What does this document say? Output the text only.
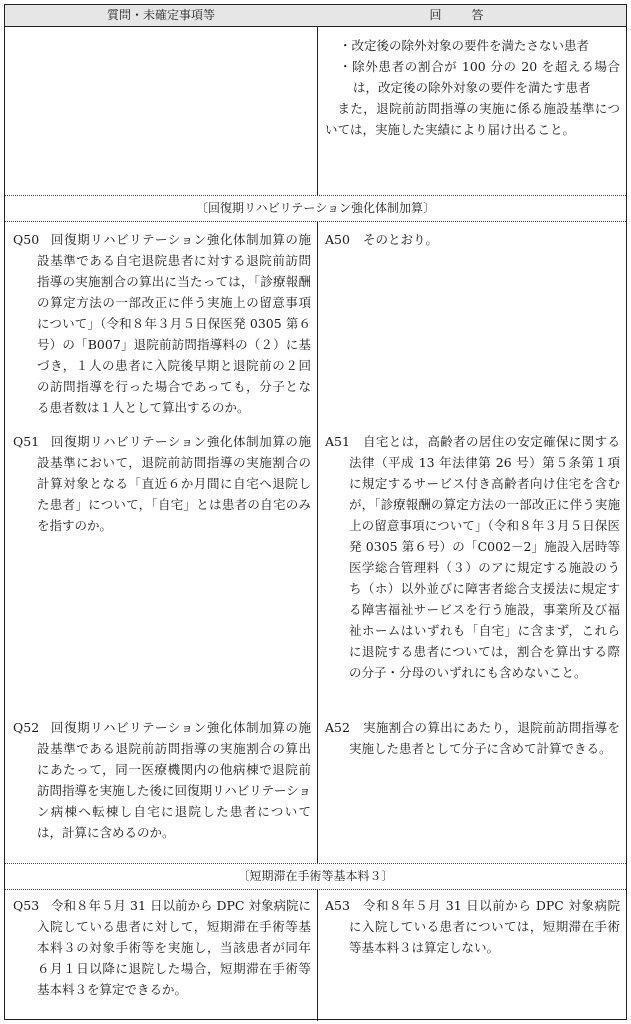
質問・未確定事項等	回答
・改定後の除外対象の要件を満たさない患者
・除外患者の割合が 100 分の 20 を超える場合は，改定後の除外対象の要件を満たす患者
また，退院前訪問指導の実施に係る施設基準については，実施した実績により届け出ること。
〔回復期リハビリテーション強化体制加算〕
Q50 回復期リハビリテーション強化体制加算の施設基準である自宅退院患者に対する退院前訪問指導の実施割合の算出に当たっては，「診療報酬の算定方法の一部改正に伴う実施上の留意事項について」（令和８年３月５日保医発 0305 第６号）の「B007」退院前訪問指導料の（２）に基づき，１人の患者に入院後早期と退院前の２回の訪問指導を行った場合であっても，分子となる患者数は１人として算出するのか。
A50	そのとおり。
Q51 回復期リハビリテーション強化体制加算の施設基準において，退院前訪問指導の実施割合の計算対象となる「直近６か月間に自宅へ退院した患者」について，「自宅」とは患者の自宅のみを指すのか。
A51	自宅とは，高齢者の居住の安定確保に関する法律（平成 13 年法律第 26 号）第５条第１項に規定するサービス付き高齢者向け住宅を含むが，「診療報酬の算定方法の一部改正に伴う実施上の留意事項について」（令和８年３月５日保医発 0305 第６号）の「C002－2」施設入居時等医学総合管理料（３）のアに規定する施設のうち（ホ）以外並びに障害者総合支援法に規定する障害福祉サービスを行う施設，事業所及び福祉ホームはいずれも「自宅」に含まず，これらに退院する患者については，割合を算出する際の分子・分母のいずれにも含めないこと。
Q52 回復期リハビリテーション強化体制加算の施設基準である退院前訪問指導の実施割合の算出にあたって，同一医療機関内の他病棟で退院前訪問指導を実施した後に回復期リハビリテーション病棟へ転棟し自宅に退院した患者については，計算に含めるのか。
A52	実施割合の算出にあたり，退院前訪問指導を実施した患者として分子に含めて計算できる。
〔短期滞在手術等基本料３〕
Q53 令和８年５月 31 日以前から DPC 対象病院に入院している患者に対して，短期滞在手術等基本料３の対象手術等を実施し，当該患者が同年６月１日以降に退院した場合，短期滞在手術等基本料３を算定できるか。
A53	令和８年５月 31 日以前から DPC 対象病院に入院している患者については，短期滞在手術等基本料３は算定しない。
